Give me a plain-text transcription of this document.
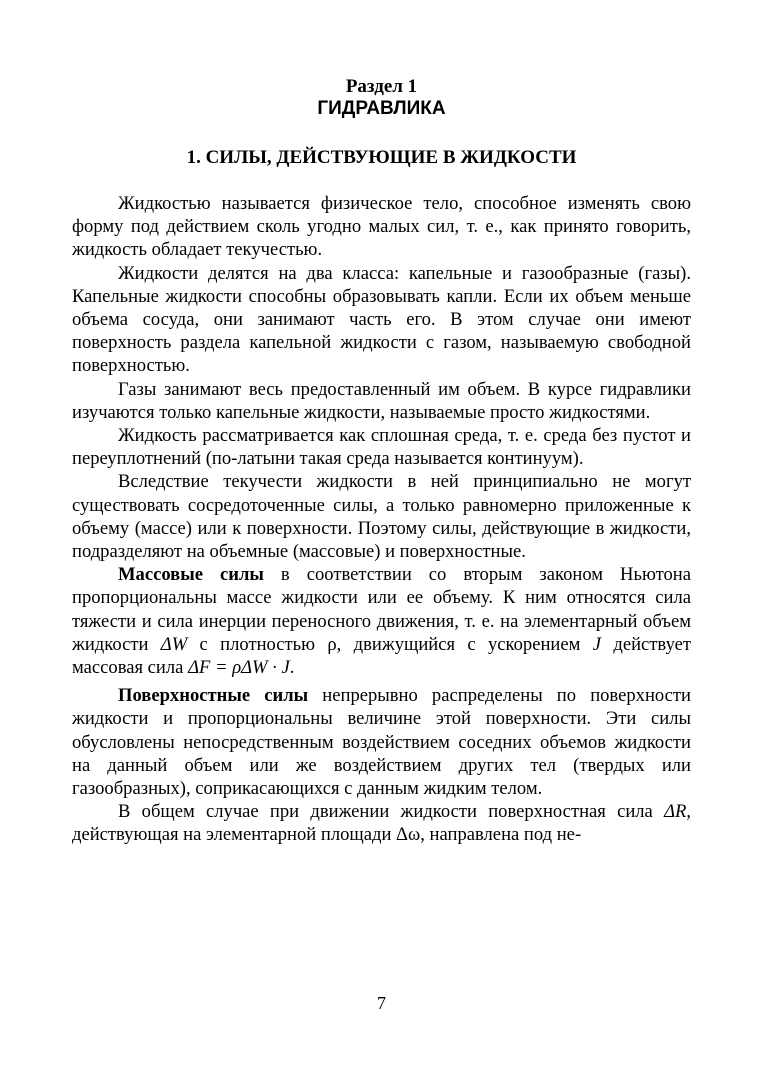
Раздел 1
ГИДРАВЛИКА
1. СИЛЫ, ДЕЙСТВУЮЩИЕ В ЖИДКОСТИ

Жидкостью называется физическое тело, способное изменять свою форму под действием сколь угодно малых сил, т. е., как принято говорить, жидкость обладает текучестью.

Жидкости делятся на два класса: капельные и газообразные (газы). Капельные жидкости способны образовывать капли. Если их объем меньше объема сосуда, они занимают часть его. В этом случае они имеют поверхность раздела капельной жидкости с газом, называемую свободной поверхностью.

Газы занимают весь предоставленный им объем. В курсе гидравлики изучаются только капельные жидкости, называемые просто жидкостями.

Жидкость рассматривается как сплошная среда, т. е. среда без пустот и переуплотнений (по-латыни такая среда называется континуум).

Вследствие текучести жидкости в ней принципиально не могут существовать сосредоточенные силы, а только равномерно приложенные к объему (массе) или к поверхности. Поэтому силы, действующие в жидкости, подразделяют на объемные (массовые) и поверхностные.

Массовые силы в соответствии со вторым законом Ньютона пропорциональны массе жидкости или ее объему. К ним относятся сила тяжести и сила инерции переносного движения, т. е. на элементарный объем жидкости ΔW с плотностью ρ, движущийся с ускорением J действует массовая сила ΔF = ρΔW · J.

Поверхностные силы непрерывно распределены по поверхности жидкости и пропорциональны величине этой поверхности. Эти силы обусловлены непосредственным воздействием соседних объемов жидкости на данный объем или же воздействием других тел (твердых или газообразных), соприкасающихся с данным жидким телом.

В общем случае при движении жидкости поверхностная сила ΔR, действующая на элементарной площади Δω, направлена под не-

7
